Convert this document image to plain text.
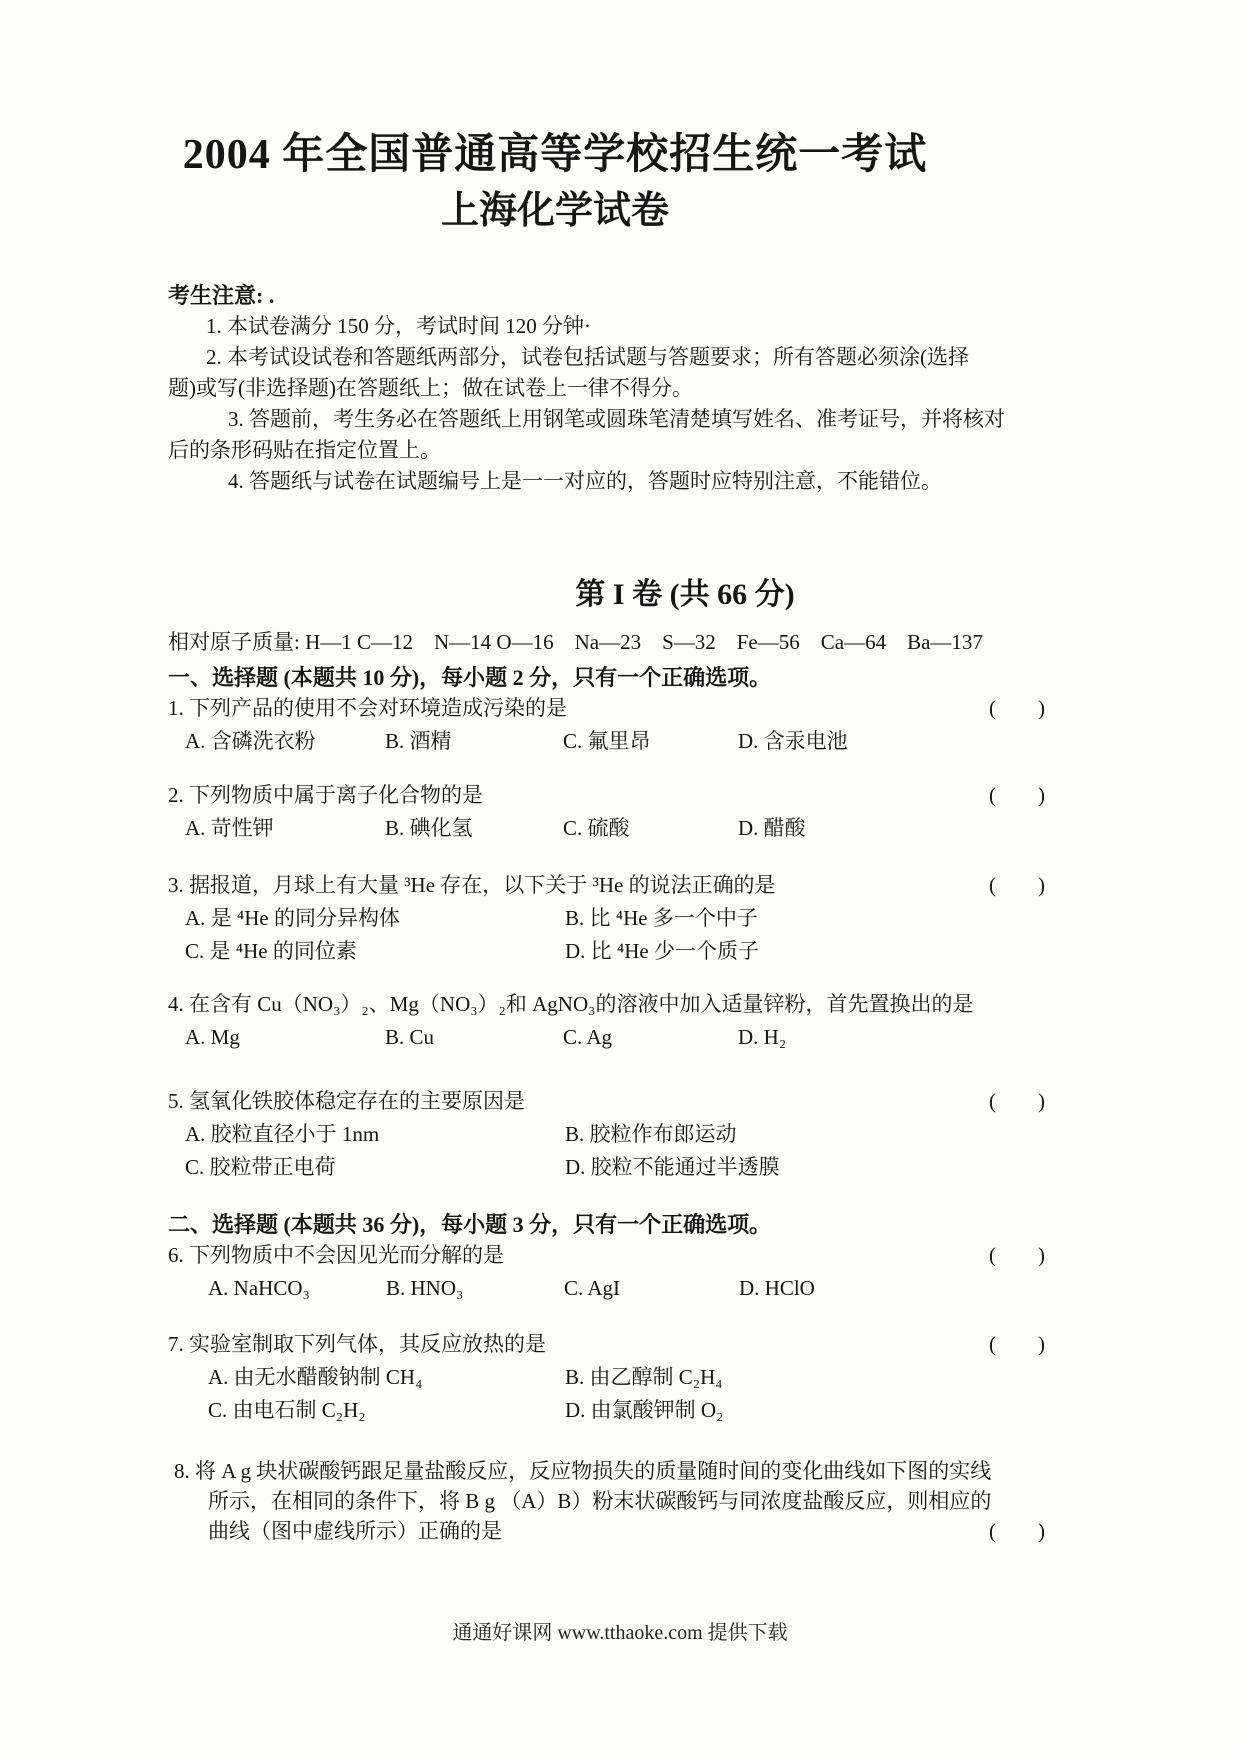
2004 年全国普通高等学校招生统一考试
上海化学试卷
考生注意: .
1. 本试卷满分 150 分，考试时间 120 分钟·
2. 本考试设试卷和答题纸两部分，试卷包括试题与答题要求；所有答题必须涂(选择
题)或写(非选择题)在答题纸上；做在试卷上一律不得分。
3. 答题前，考生务必在答题纸上用钢笔或圆珠笔清楚填写姓名、准考证号，并将核对
后的条形码贴在指定位置上。
4. 答题纸与试卷在试题编号上是一一对应的，答题时应特别注意，不能错位。
第 I 卷 (共 66 分)
相对原子质量: H—1 C—12　N—14 O—16　Na—23　S—32　Fe—56　Ca—64　Ba—137
一、选择题 (本题共 10 分)，每小题 2 分，只有一个正确选项。
1. 下列产品的使用不会对环境造成污染的是	(        )
A. 含磷洗衣粉	B. 酒精	C. 氟里昂	D. 含汞电池
2. 下列物质中属于离子化合物的是	(        )
A. 苛性钾	B. 碘化氢	C. 硫酸	D. 醋酸
3. 据报道，月球上有大量 ³He 存在，以下关于 ³He 的说法正确的是	(        )
A. 是 ⁴He 的同分异构体	B. 比 ⁴He 多一个中子
C. 是 ⁴He 的同位素	D. 比 ⁴He 少一个质子
4. 在含有 Cu（NO₃）₂、Mg（NO₃）₂和 AgNO₃的溶液中加入适量锌粉，首先置换出的是
A. Mg	B. Cu	C. Ag	D. H₂
5. 氢氧化铁胶体稳定存在的主要原因是	(        )
A. 胶粒直径小于 1nm	B. 胶粒作布郎运动
C. 胶粒带正电荷	D. 胶粒不能通过半透膜
二、选择题 (本题共 36 分)，每小题 3 分，只有一个正确选项。
6. 下列物质中不会因见光而分解的是	(        )
A. NaHCO₃	B. HNO₃	C. AgI	D. HClO
7. 实验室制取下列气体，其反应放热的是	(        )
A. 由无水醋酸钠制 CH₄	B. 由乙醇制 C₂H₄
C. 由电石制 C₂H₂	D. 由氯酸钾制 O₂
8. 将 A g 块状碳酸钙跟足量盐酸反应，反应物损失的质量随时间的变化曲线如下图的实线
所示，在相同的条件下，将 B g （A）B）粉末状碳酸钙与同浓度盐酸反应，则相应的
曲线（图中虚线所示）正确的是	(        )
通通好课网 www.tthaoke.com 提供下载
